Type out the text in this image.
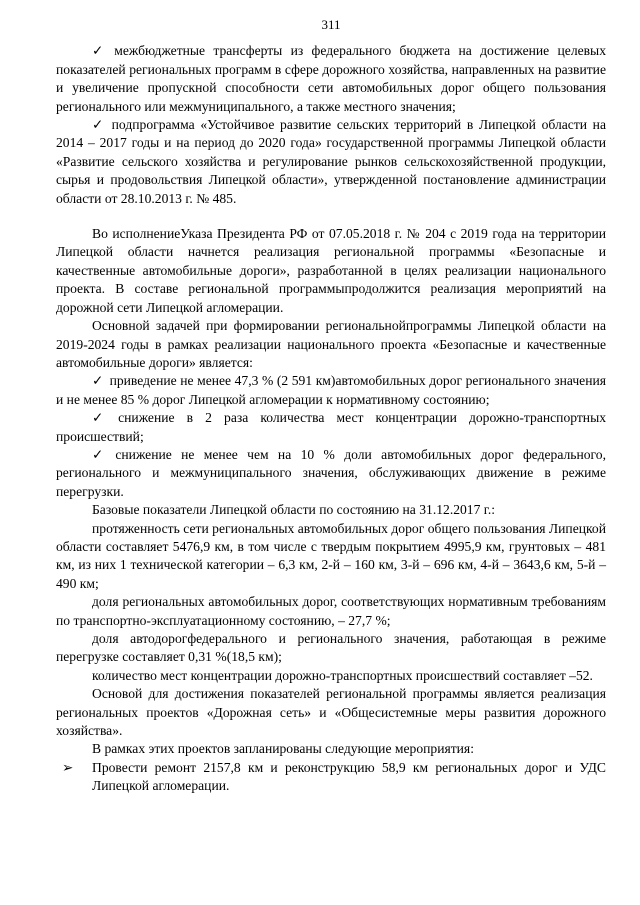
311

✓ межбюджетные трансферты из федерального бюджета на достижение целевых показателей региональных программ в сфере дорожного хозяйства, направленных на развитие и увеличение пропускной способности сети автомобильных дорог общего пользования регионального или межмуниципального, а также местного значения;

✓ подпрограмма «Устойчивое развитие сельских территорий в Липецкой области на 2014 – 2017 годы и на период до 2020 года» государственной программы Липецкой области «Развитие сельского хозяйства и регулирование рынков сельскохозяйственной продукции, сырья и продовольствия Липецкой области», утвержденной постановление администрации области от 28.10.2013 г. № 485.

Во исполнениеУказа Президента РФ от 07.05.2018 г. № 204 с 2019 года на территории Липецкой области начнется реализация региональной программы «Безопасные и качественные автомобильные дороги», разработанной в целях реализации национального проекта. В составе региональной программыпродолжится реализация мероприятий на дорожной сети Липецкой агломерации.

Основной задачей при формировании региональнойпрограммы Липецкой области на 2019-2024 годы в рамках реализации национального проекта «Безопасные и качественные автомобильные дороги» является:

✓ приведение не менее 47,3 % (2 591 км)автомобильных дорог регионального значения и не менее 85 % дорог Липецкой агломерации к нормативному состоянию;

✓ снижение в 2 раза количества мест концентрации дорожно-транспортных происшествий;

✓ снижение не менее чем на 10 % доли автомобильных дорог федерального, регионального и межмуниципального значения, обслуживающих движение в режиме перегрузки.

Базовые показатели Липецкой области по состоянию на 31.12.2017 г.:

протяженность сети региональных автомобильных дорог общего пользования Липецкой области составляет 5476,9 км, в том числе с твердым покрытием 4995,9 км, грунтовых – 481 км, из них 1 технической категории – 6,3 км, 2-й – 160 км, 3-й – 696 км, 4-й – 3643,6 км, 5-й – 490 км;

доля региональных автомобильных дорог, соответствующих нормативным требованиям по транспортно-эксплуатационному состоянию, – 27,7 %;

доля автодорогфедерального и регионального значения, работающая в режиме перегрузке составляет 0,31 %(18,5 км);

количество мест концентрации дорожно-транспортных происшествий составляет –52.

Основой для достижения показателей региональной программы является реализация региональных проектов «Дорожная сеть» и «Общесистемные меры развития дорожного хозяйства».

В рамках этих проектов запланированы следующие мероприятия:

➢ Провести ремонт 2157,8 км и реконструкцию 58,9 км региональных дорог и УДС Липецкой агломерации.
